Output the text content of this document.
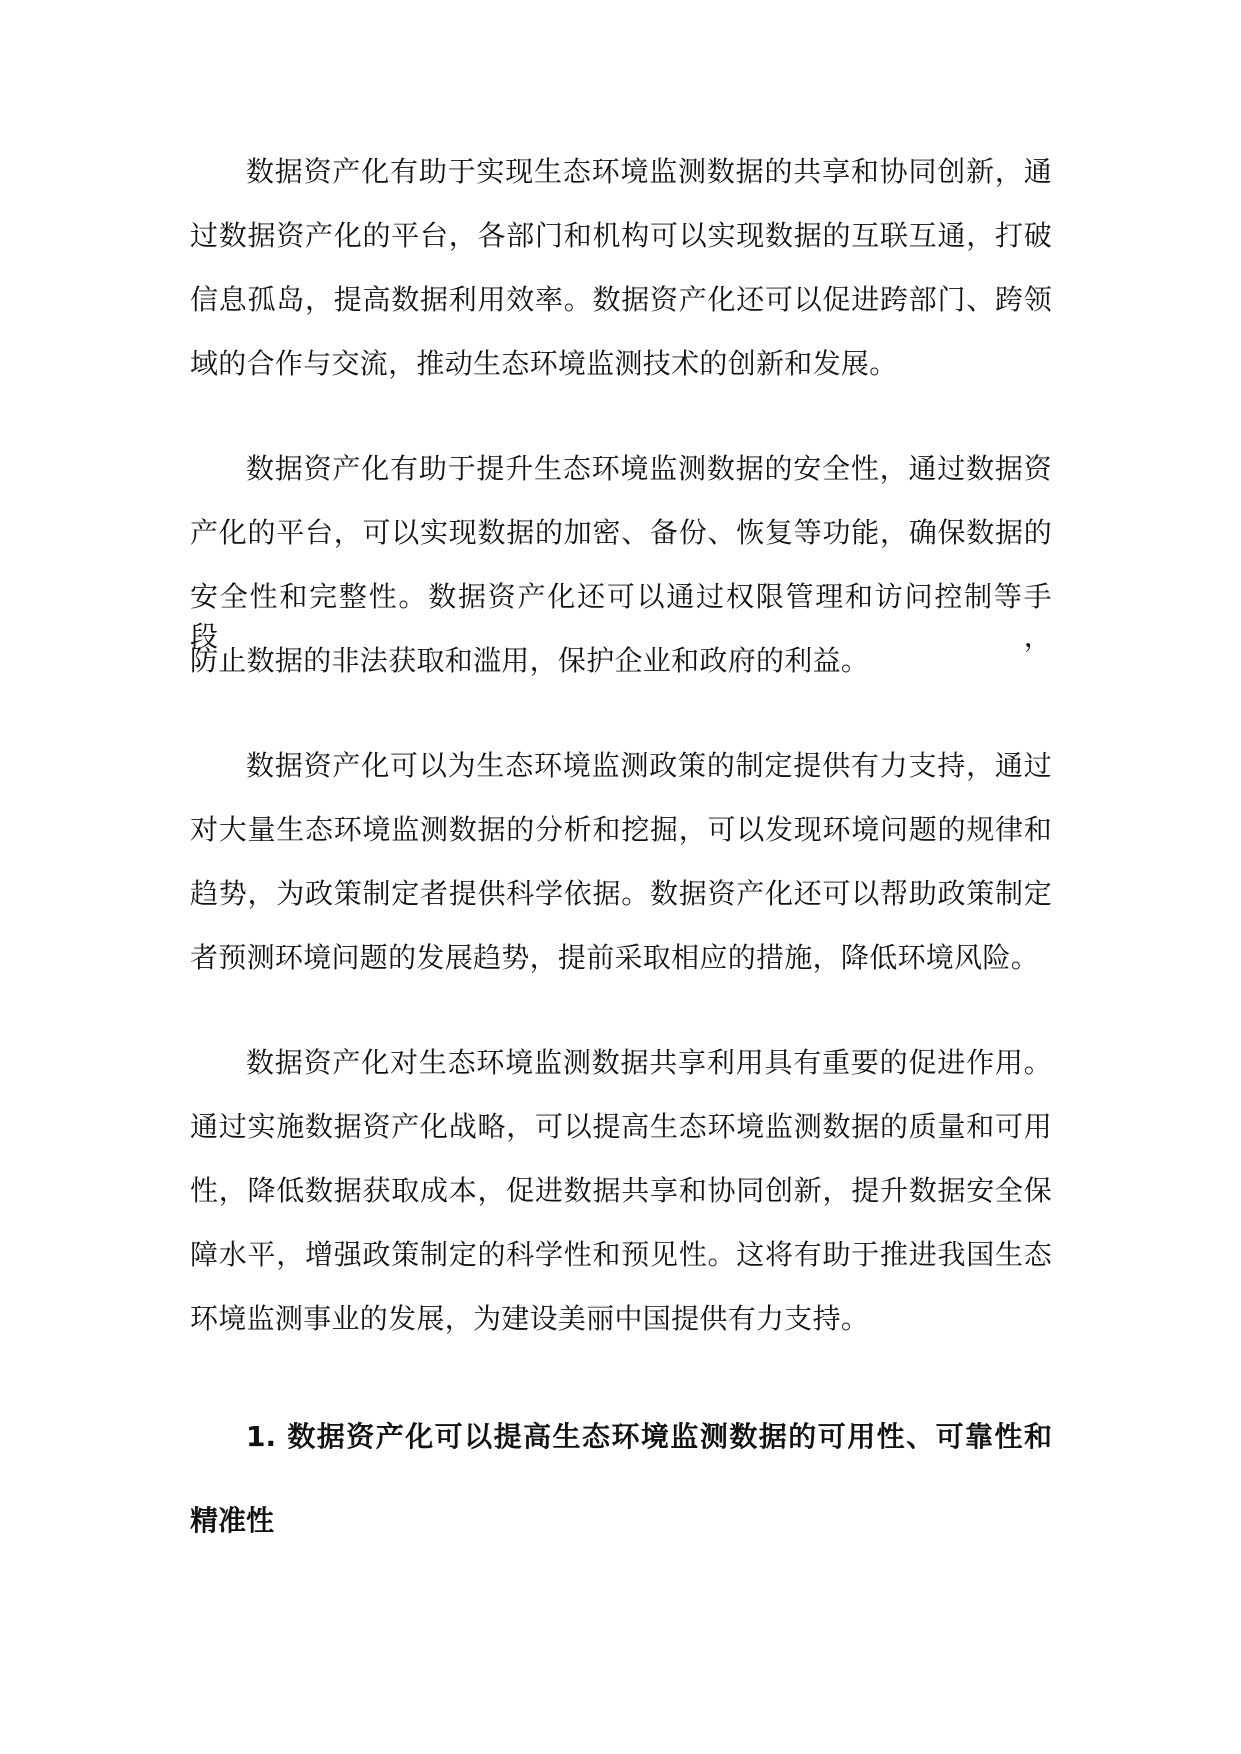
数据资产化有助于实现生态环境监测数据的共享和协同创新，通
过数据资产化的平台，各部门和机构可以实现数据的互联互通，打破
信息孤岛，提高数据利用效率。数据资产化还可以促进跨部门、跨领
域的合作与交流，推动生态环境监测技术的创新和发展。
数据资产化有助于提升生态环境监测数据的安全性，通过数据资
产化的平台，可以实现数据的加密、备份、恢复等功能，确保数据的
安全性和完整性。数据资产化还可以通过权限管理和访问控制等手段，
防止数据的非法获取和滥用，保护企业和政府的利益。
数据资产化可以为生态环境监测政策的制定提供有力支持，通过
对大量生态环境监测数据的分析和挖掘，可以发现环境问题的规律和
趋势，为政策制定者提供科学依据。数据资产化还可以帮助政策制定
者预测环境问题的发展趋势，提前采取相应的措施，降低环境风险。
数据资产化对生态环境监测数据共享利用具有重要的促进作用。
通过实施数据资产化战略，可以提高生态环境监测数据的质量和可用
性，降低数据获取成本，促进数据共享和协同创新，提升数据安全保
障水平，增强政策制定的科学性和预见性。这将有助于推进我国生态
环境监测事业的发展，为建设美丽中国提供有力支持。
1. 数据资产化可以提高生态环境监测数据的可用性、可靠性和
精准性
